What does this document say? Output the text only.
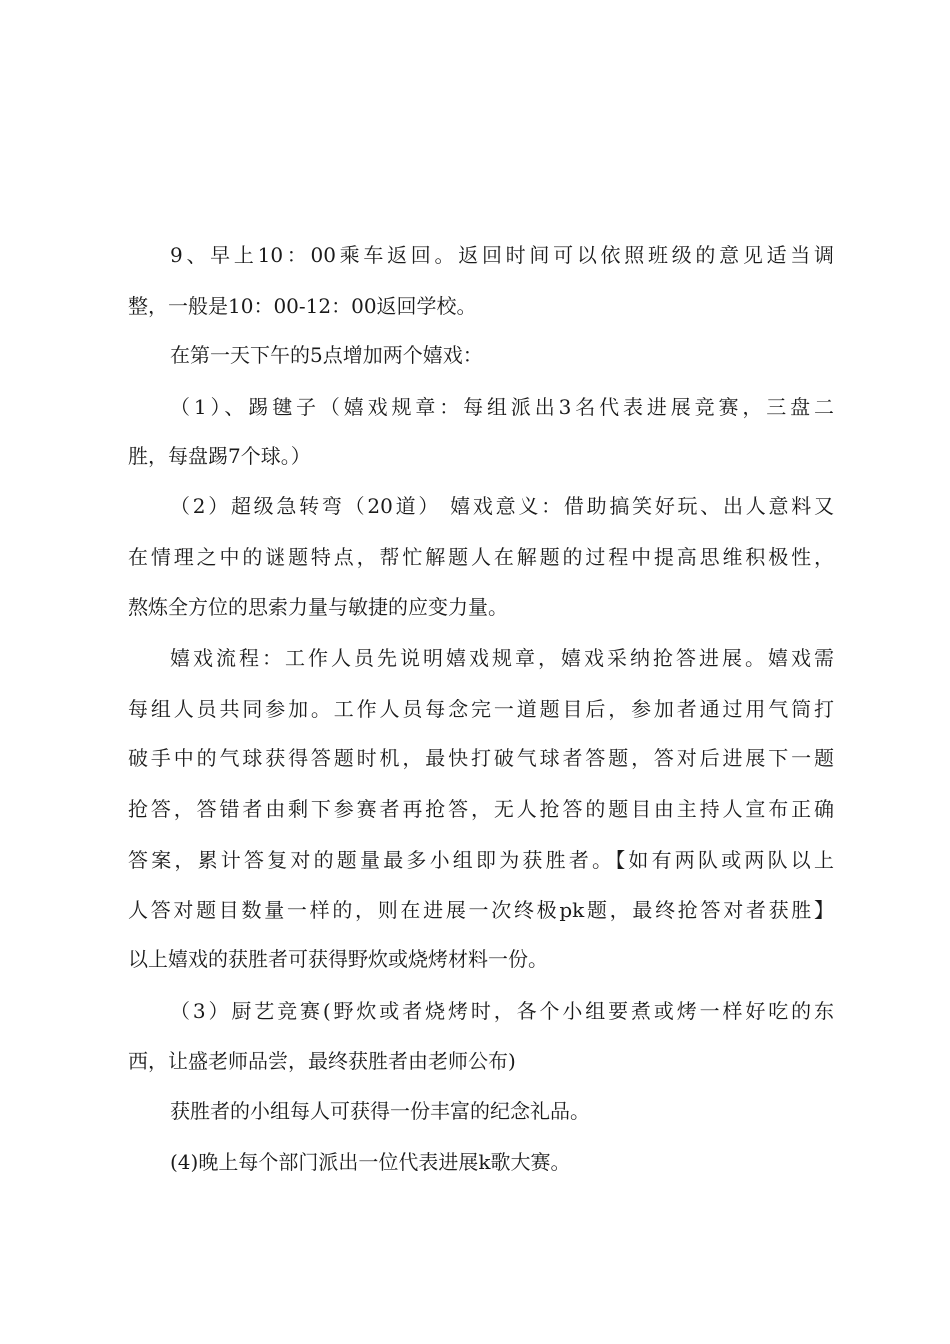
9、早上10：00乘车返回。返回时间可以依照班级的意见适当调
整，一般是10：00-12：00返回学校。
在第一天下午的5点增加两个嬉戏：
（1）、踢毽子（嬉戏规章：每组派出3名代表进展竞赛，三盘二
胜，每盘踢7个球。）
（2）超级急转弯（20道） 嬉戏意义：借助搞笑好玩、出人意料又
在情理之中的谜题特点，帮忙解题人在解题的过程中提高思维积极性，
熬炼全方位的思索力量与敏捷的应变力量。
嬉戏流程：工作人员先说明嬉戏规章，嬉戏采纳抢答进展。嬉戏需
每组人员共同参加。工作人员每念完一道题目后，参加者通过用气筒打
破手中的气球获得答题时机，最快打破气球者答题，答对后进展下一题
抢答，答错者由剩下参赛者再抢答，无人抢答的题目由主持人宣布正确
答案，累计答复对的题量最多小组即为获胜者。【如有两队或两队以上
人答对题目数量一样的，则在进展一次终极pk题，最终抢答对者获胜】
以上嬉戏的获胜者可获得野炊或烧烤材料一份。
（3）厨艺竞赛(野炊或者烧烤时，各个小组要煮或烤一样好吃的东
西，让盛老师品尝，最终获胜者由老师公布)
获胜者的小组每人可获得一份丰富的纪念礼品。
(4)晚上每个部门派出一位代表进展k歌大赛。
